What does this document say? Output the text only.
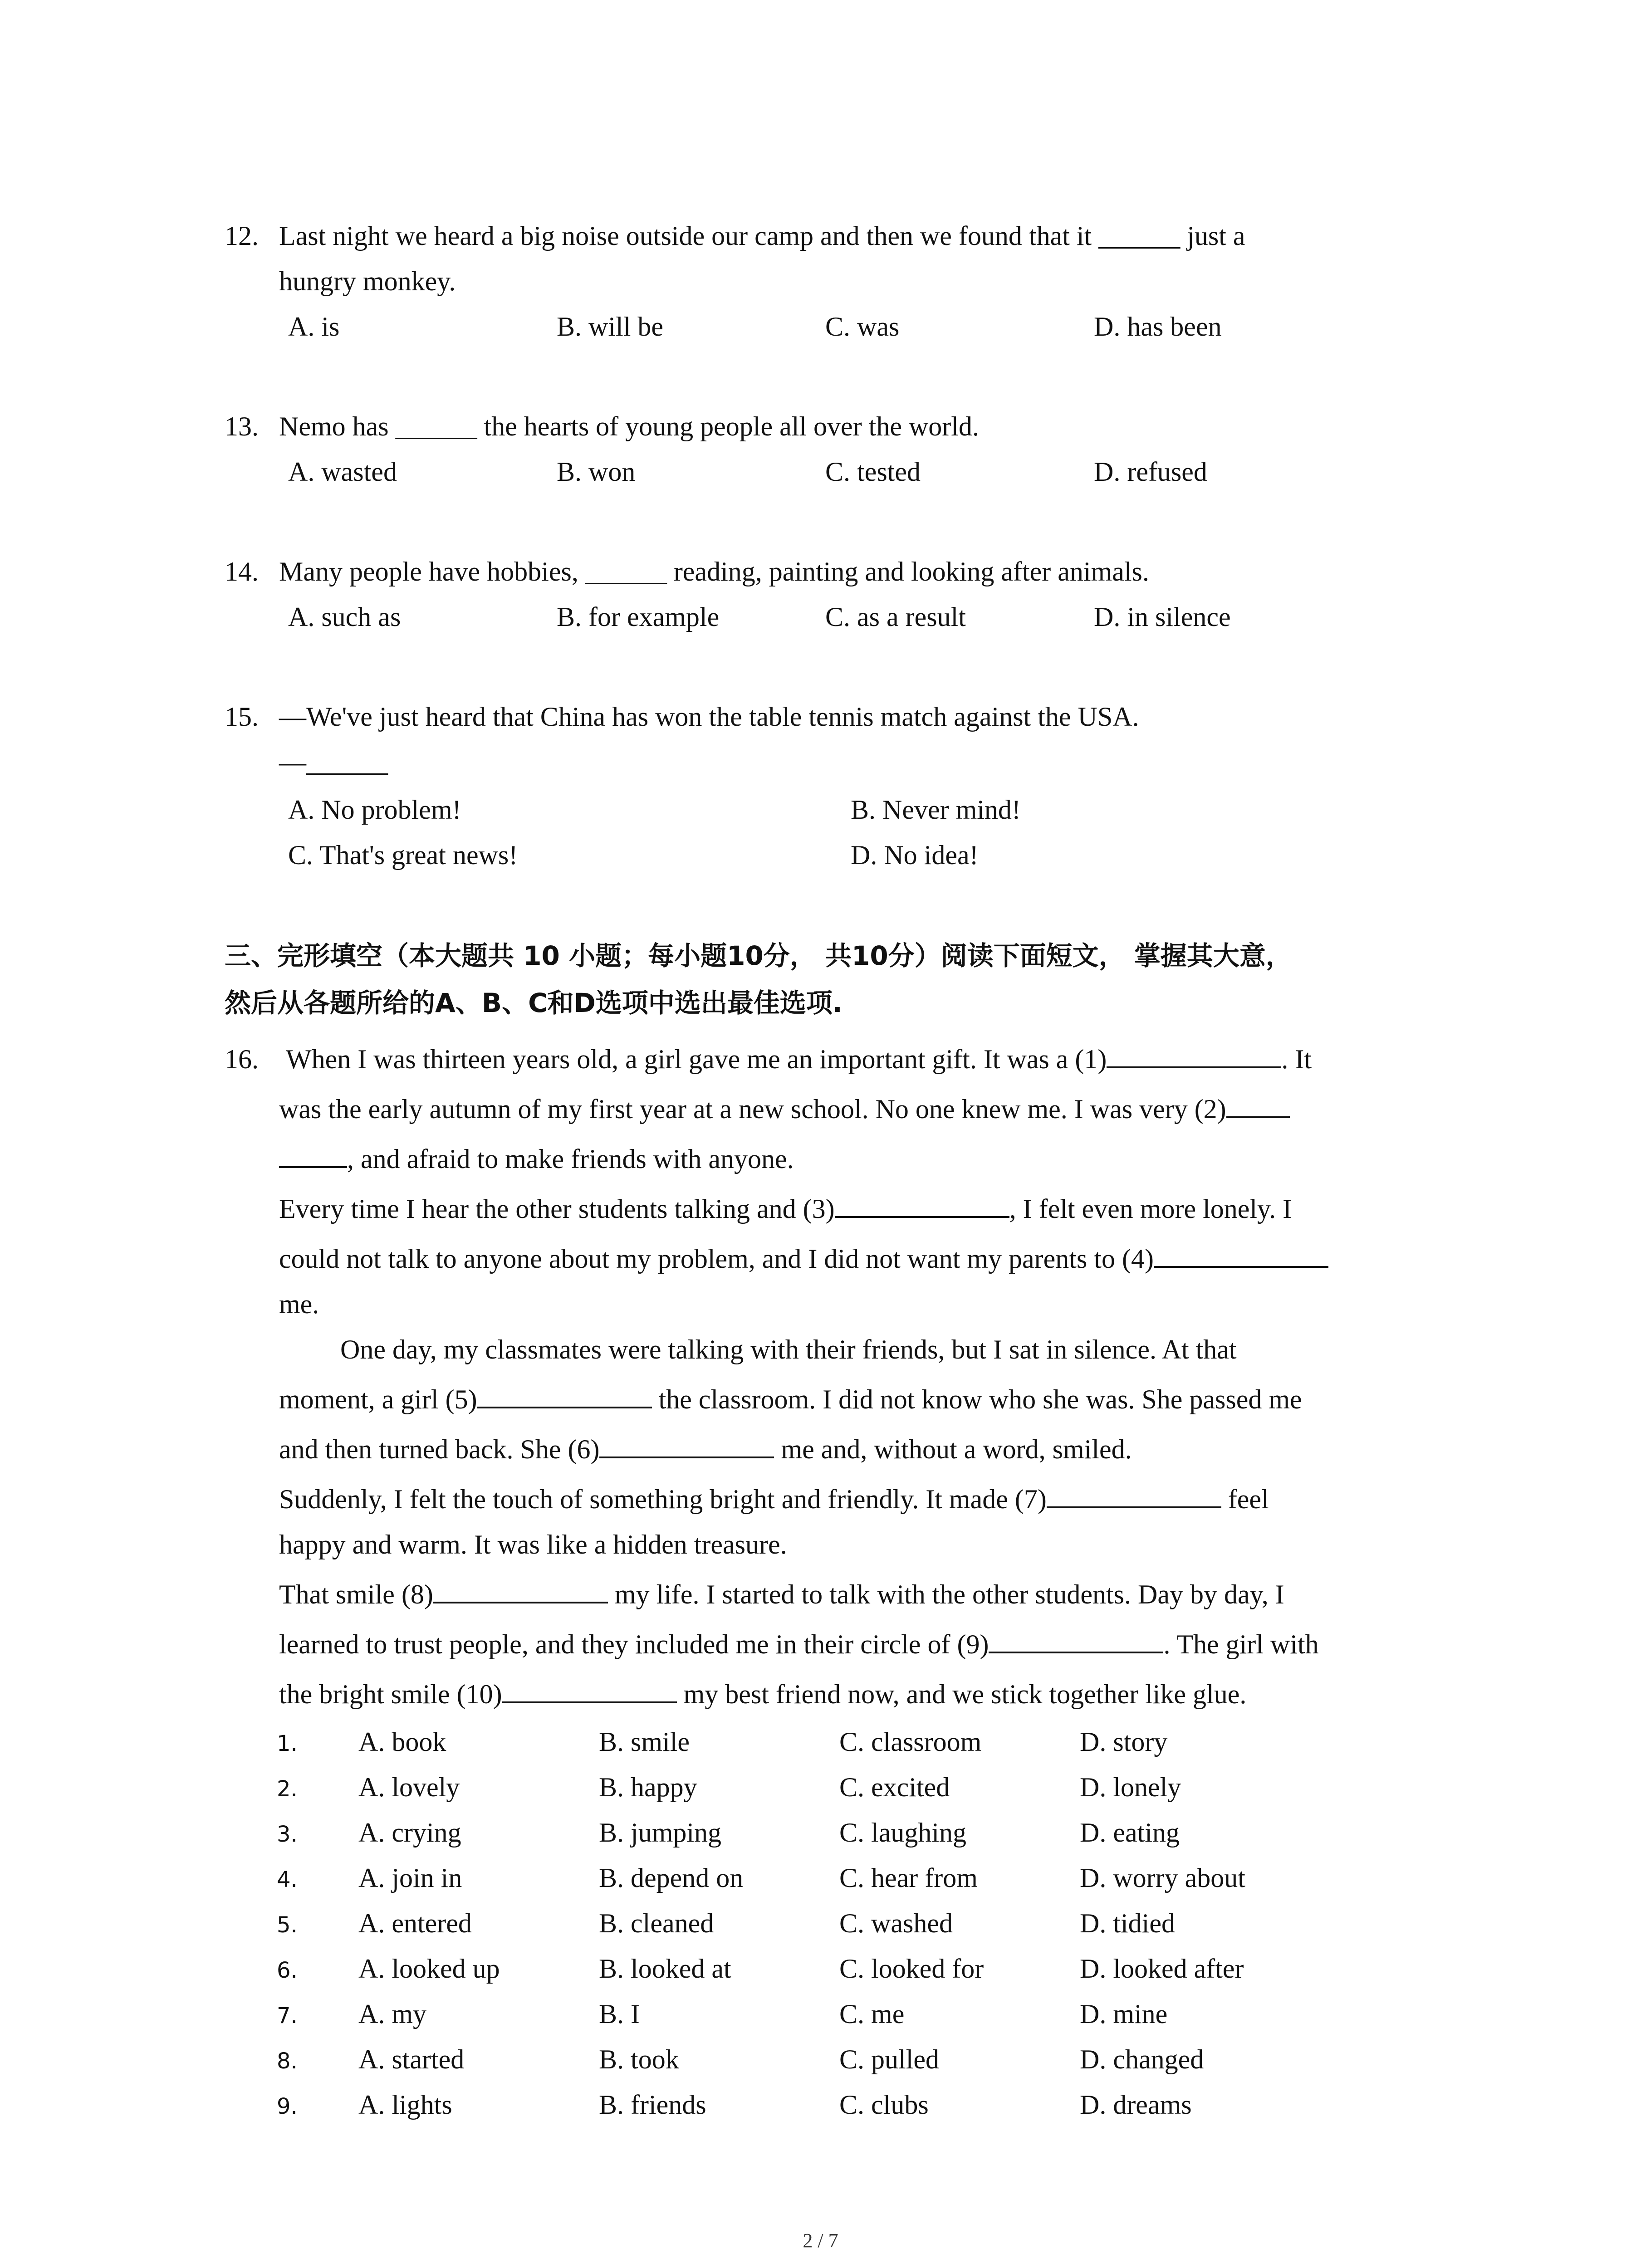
12. Last night we heard a big noise outside our camp and then we found that it ______ just a
hungry monkey.
A. is	B. will be	C. was	D. has been
13. Nemo has ______ the hearts of young people all over the world.
A. wasted	B. won	C. tested	D. refused
14. Many people have hobbies, ______ reading, painting and looking after animals.
A. such as	B. for example	C. as a result	D. in silence
15. —We've just heard that China has won the table tennis match against the USA.
—______
A. No problem!	B. Never mind!
C. That's great news!	D. No idea!
三、完形填空（本大题共 10 小题；每小题10分， 共10分）阅读下面短文， 掌握其大意，
然后从各题所给的A、B、C和D选项中选出最佳选项.
16. When I was thirteen years old, a girl gave me an important gift. It was a (1)	. It
was the early autumn of my first year at a new school. No one knew me. I was very (2)
, and afraid to make friends with anyone.
Every time I hear the other students talking and (3)	, I felt even more lonely. I
could not talk to anyone about my problem, and I did not want my parents to (4)
me.
One day, my classmates were talking with their friends, but I sat in silence. At that
moment, a girl (5)	the classroom. I did not know who she was. She passed me
and then turned back. She (6)	me and, without a word, smiled.
Suddenly, I felt the touch of something bright and friendly. It made (7)	feel
happy and warm. It was like a hidden treasure.
That smile (8)	my life. I started to talk with the other students. Day by day, I
learned to trust people, and they included me in their circle of (9)	. The girl with
the bright smile (10)	my best friend now, and we stick together like glue.
1.	A. book	B. smile	C. classroom	D. story
2.	A. lovely	B. happy	C. excited	D. lonely
3.	A. crying	B. jumping	C. laughing	D. eating
4.	A. join in	B. depend on	C. hear from	D. worry about
5.	A. entered	B. cleaned	C. washed	D. tidied
6.	A. looked up	B. looked at	C. looked for	D. looked after
7.	A. my	B. I	C. me	D. mine
8.	A. started	B. took	C. pulled	D. changed
9.	A. lights	B. friends	C. clubs	D. dreams
2 / 7
